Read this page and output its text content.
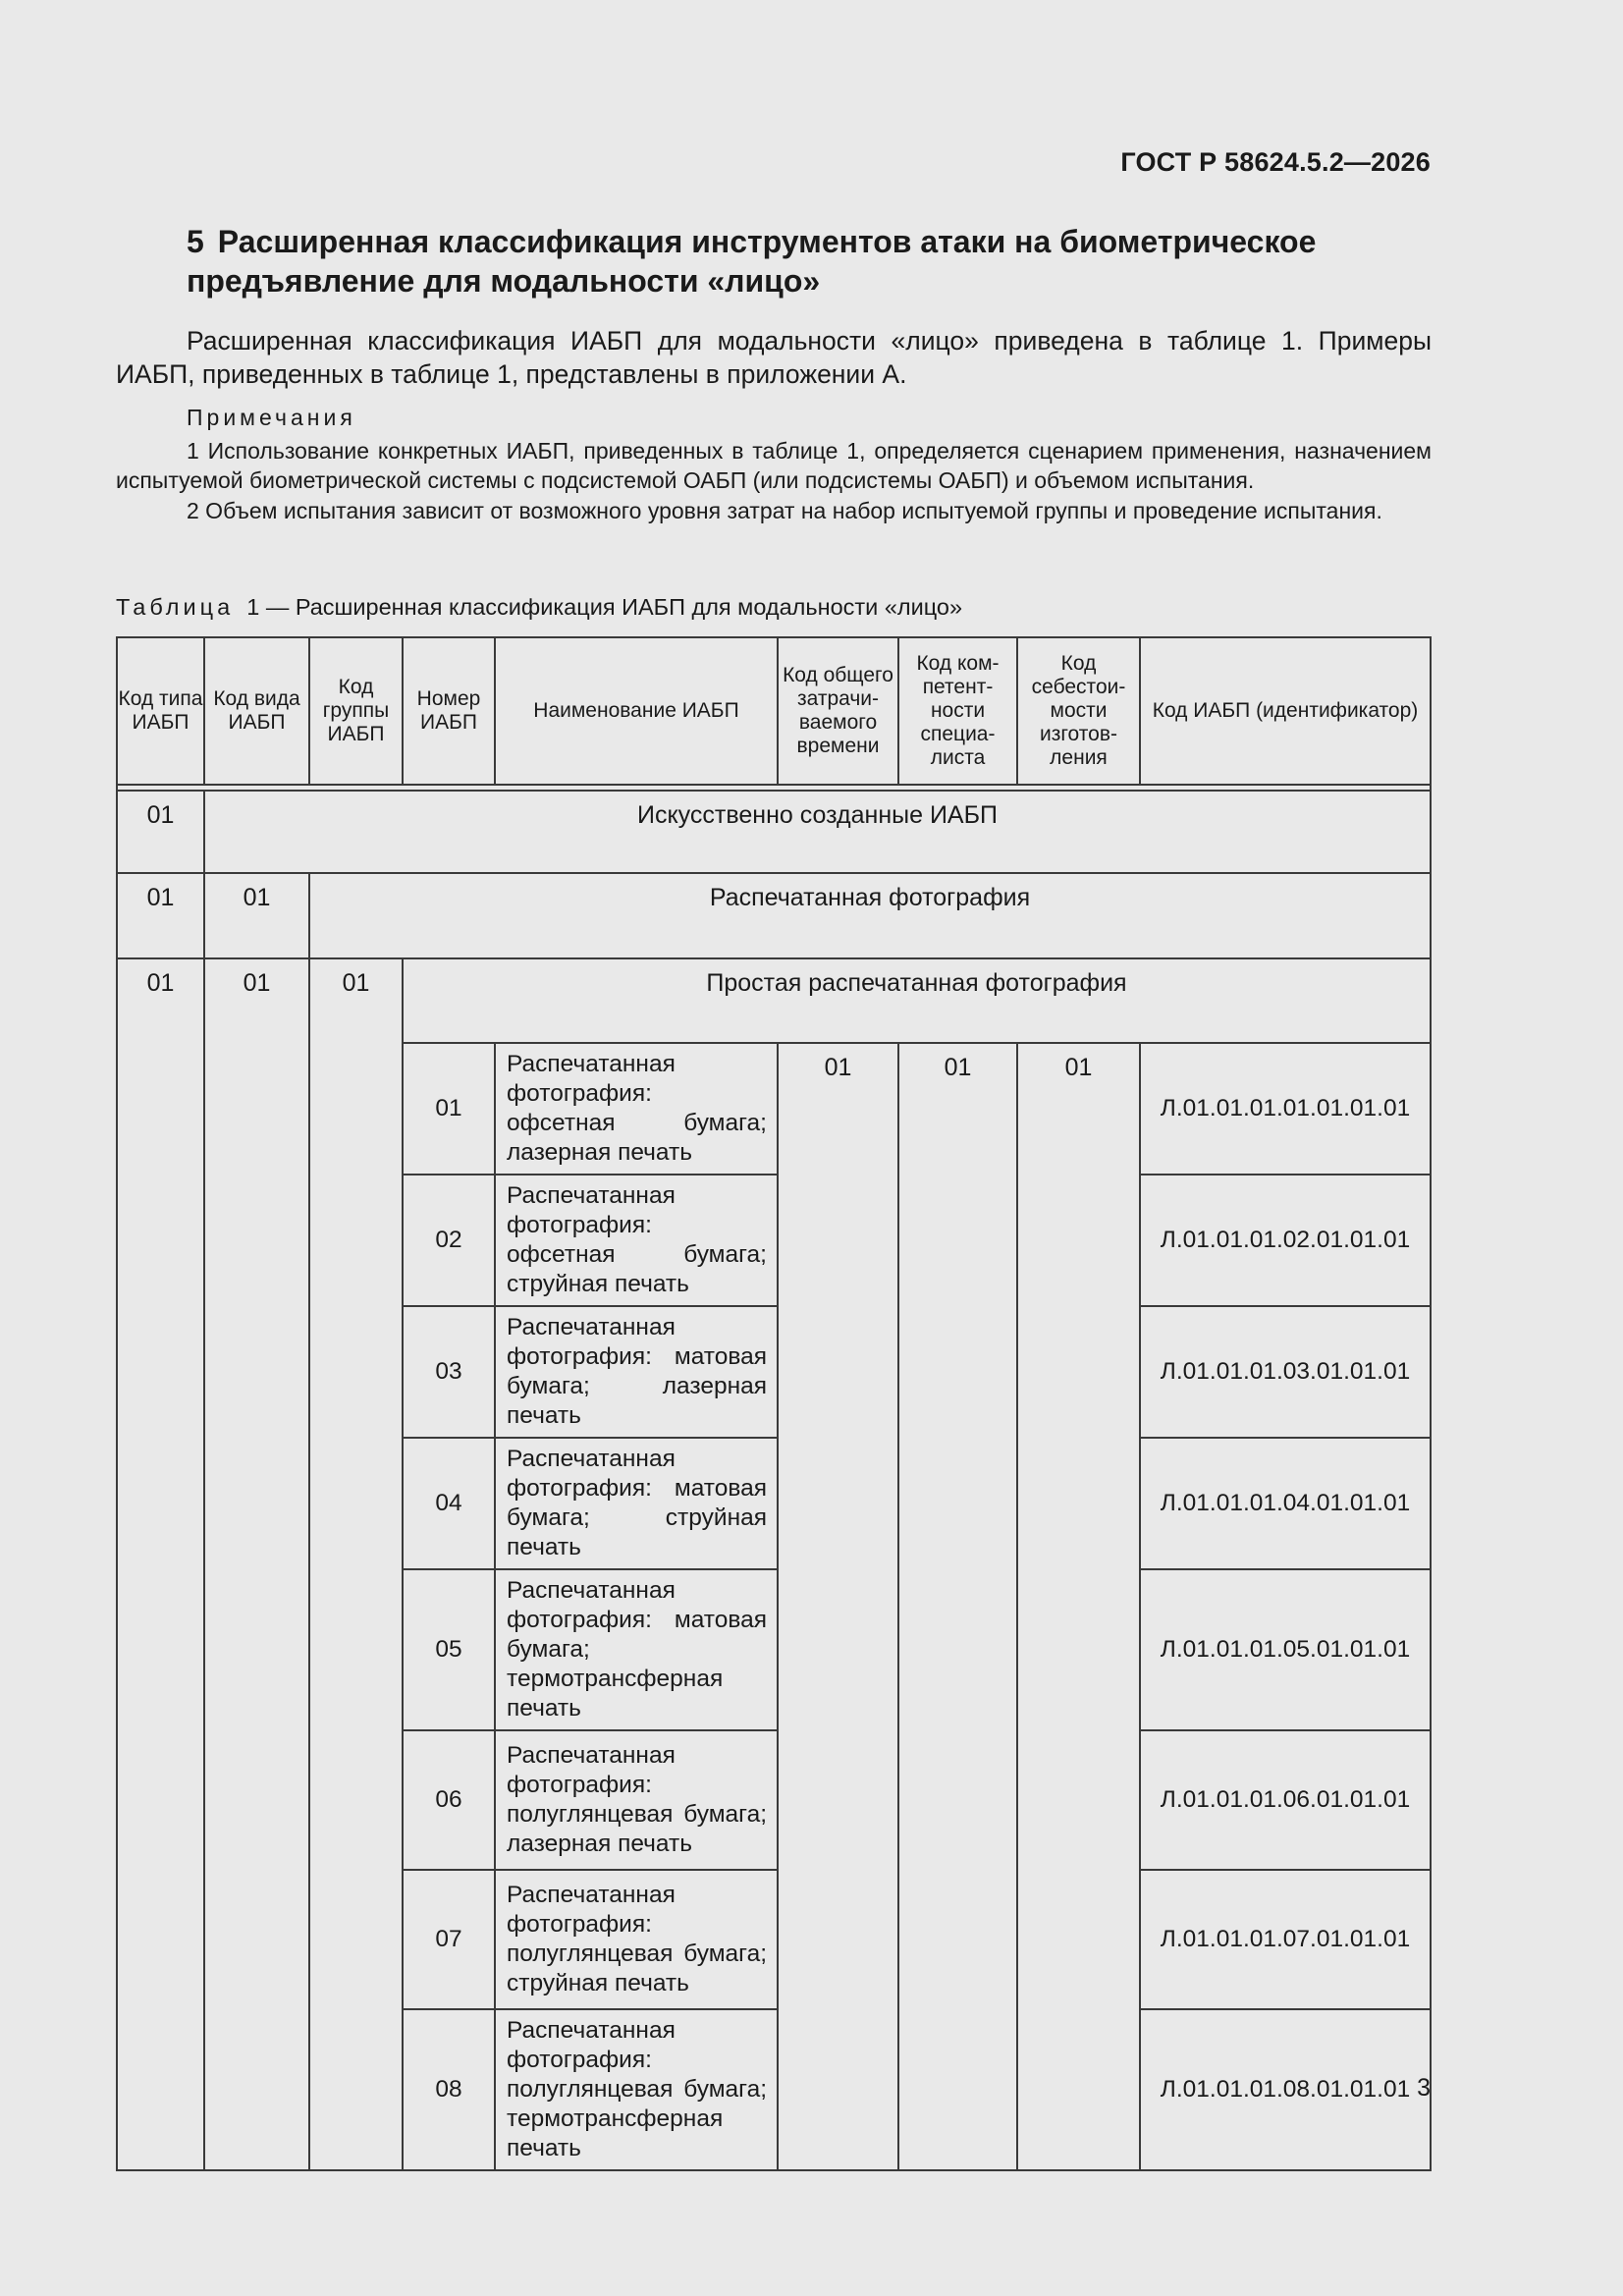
ГОСТ Р 58624.5.2—2026
5 Расширенная классификация инструментов атаки на биометрическое предъявление для модальности «лицо»
Расширенная классификация ИАБП для модальности «лицо» приведена в таблице 1. Примеры ИАБП, приведенных в таблице 1, представлены в приложении А.
Примечания
1 Использование конкретных ИАБП, приведенных в таблице 1, определяется сценарием применения, назначением испытуемой биометрической системы с подсистемой ОАБП (или подсистемы ОАБП) и объемом испытания.
2 Объем испытания зависит от возможного уровня затрат на набор испытуемой группы и проведение испытания.
Таблица 1 — Расширенная классификация ИАБП для модальности «лицо»
Код типа ИАБП	Код вида ИАБП	Код группы ИАБП	Номер ИАБП	Наименование ИАБП	Код общего затрачи-ваемого времени	Код ком-петент-ности специа-листа	Код себестои-мости изготов-ления	Код ИАБП (идентификатор)

01	Искусственно созданные ИАБП							
01	01	Распечатанная фотография						
01	01	01	Простая распечатанная фотография					
			01	Распечатанная фотография: офсетная бумага; лазерная печать	01	01	01	Л.01.01.01.01.01.01.01
			02	Распечатанная фотография: офсетная бумага; струйная печать				Л.01.01.01.02.01.01.01
			03	Распечатанная фотография: матовая бумага; лазерная печать				Л.01.01.01.03.01.01.01
			04	Распечатанная фотография: матовая бумага; струйная печать				Л.01.01.01.04.01.01.01
			05	Распечатанная фотография: матовая бумага; термотрансферная печать				Л.01.01.01.05.01.01.01
			06	Распечатанная фотография: полуглянцевая бумага; лазерная печать				Л.01.01.01.06.01.01.01
			07	Распечатанная фотография: полуглянцевая бумага; струйная печать				Л.01.01.01.07.01.01.01
			08	Распечатанная фотография: полуглянцевая бумага; термотрансферная печать				Л.01.01.01.08.01.01.01 3
